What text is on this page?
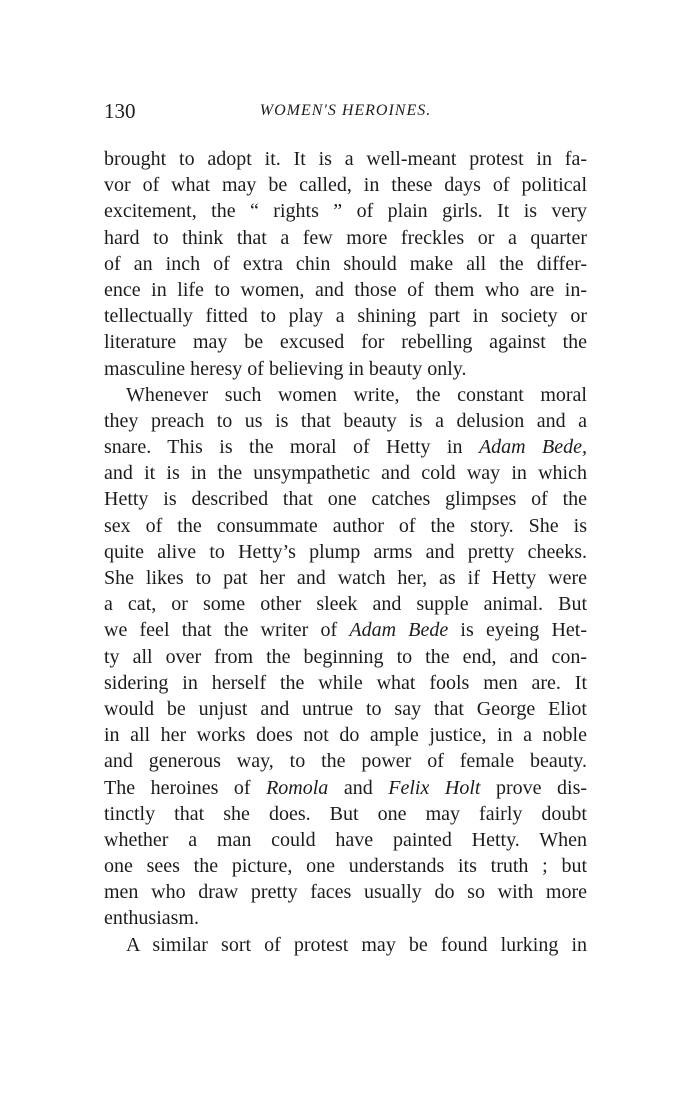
130	WOMEN'S HEROINES.
brought to adopt it. It is a well-meant protest in fa-
vor of what may be called, in these days of political
excitement, the “ rights ” of plain girls. It is very
hard to think that a few more freckles or a quarter
of an inch of extra chin should make all the differ-
ence in life to women, and those of them who are in-
tellectually fitted to play a shining part in society or
literature may be excused for rebelling against the
masculine heresy of believing in beauty only.
Whenever such women write, the constant moral
they preach to us is that beauty is a delusion and a
snare. This is the moral of Hetty in Adam Bede,
and it is in the unsympathetic and cold way in which
Hetty is described that one catches glimpses of the
sex of the consummate author of the story. She is
quite alive to Hetty’s plump arms and pretty cheeks.
She likes to pat her and watch her, as if Hetty were
a cat, or some other sleek and supple animal. But
we feel that the writer of Adam Bede is eyeing Het-
ty all over from the beginning to the end, and con-
sidering in herself the while what fools men are. It
would be unjust and untrue to say that George Eliot
in all her works does not do ample justice, in a noble
and generous way, to the power of female beauty.
The heroines of Romola and Felix Holt prove dis-
tinctly that she does. But one may fairly doubt
whether a man could have painted Hetty. When
one sees the picture, one understands its truth ; but
men who draw pretty faces usually do so with more
enthusiasm.
A similar sort of protest may be found lurking in
